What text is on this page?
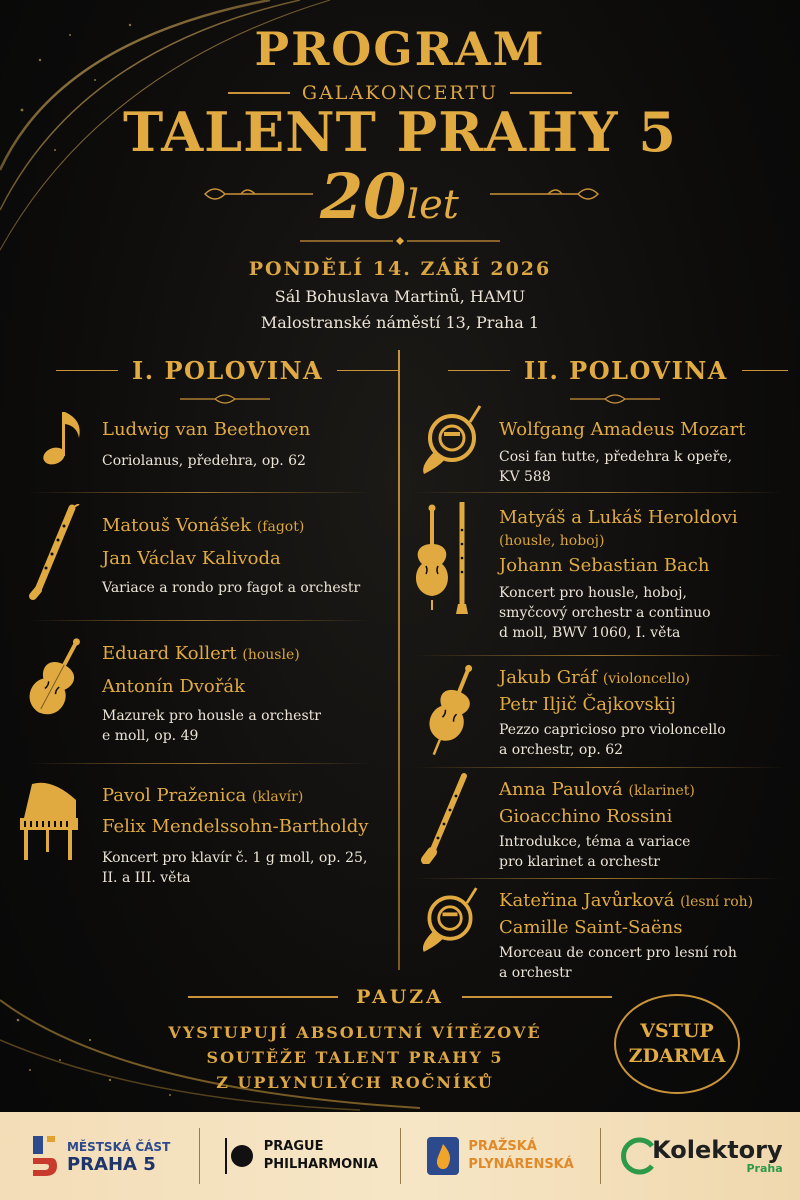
PROGRAM
GALAKONCERTU
TALENT PRAHY 5
20let
PONDĚLÍ 14. ZÁŘÍ 2026
Sál Bohuslava Martinů, HAMU
Malostranské náměstí 13, Praha 1
I. POLOVINA	II. POLOVINA
Ludwig van Beethoven
Coriolanus, předehra, op. 62
Matouš Vonášek (fagot)
Jan Václav Kalivoda
Variace a rondo pro fagot a orchestr
Eduard Kollert (housle)
Antonín Dvořák
Mazurek pro housle a orchestr
e moll, op. 49
Pavol Praženica (klavír)
Felix Mendelssohn-Bartholdy
Koncert pro klavír č. 1 g moll, op. 25,
II. a III. věta
Wolfgang Amadeus Mozart
Cosi fan tutte, předehra k opeře,
KV 588
Matyáš a Lukáš Heroldovi
(housle, hoboj)
Johann Sebastian Bach
Koncert pro housle, hoboj,
smyčcový orchestr a continuo
d moll, BWV 1060, I. věta
Jakub Gráf (violoncello)
Petr Iljič Čajkovskij
Pezzo capricioso pro violoncello
a orchestr, op. 62
Anna Paulová (klarinet)
Gioacchino Rossini
Introdukce, téma a variace
pro klarinet a orchestr
Kateřina Javůrková (lesní roh)
Camille Saint-Saëns
Morceau de concert pro lesní roh
a orchestr
PAUZA
VYSTUPUJÍ ABSOLUTNÍ VÍTĚZOVÉ
SOUTĚŽE TALENT PRAHY 5
Z UPLYNULÝCH ROČNÍKŮ
VSTUP
ZDARMA
MĚSTSKÁ ČÁST
PRAHA 5
PRAGUE
PHILHARMONIA
PRAŽSKÁ
PLYNÁRENSKÁ
Kolektory
Praha
